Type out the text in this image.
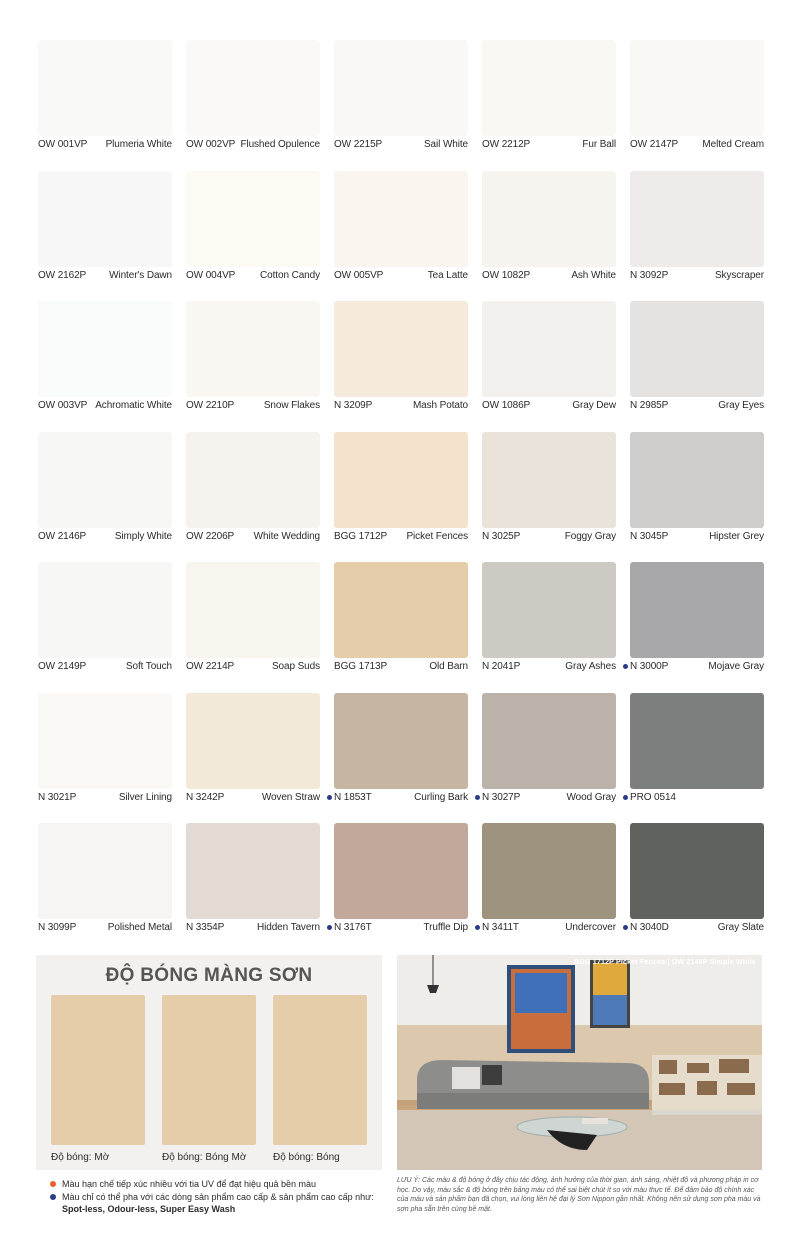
OW 001VP Plumeria White OW 002VP Flushed Opulence OW 2215P	Sail White OW 2212P	Fur Ball OW 2147P Melted Cream
OW 2162P Winter's Dawn OW 004VP Cotton Candy OW 005VP	Tea Latte OW 1082P	Ash White N 3092P	Skyscraper
OW 003VP Achromatic White OW 2210P	Snow Flakes N 3209P	Mash Potato OW 1086P	Gray Dew N 2985P	Gray Eyes
OW 2146P	Simply White OW 2206P White Wedding BGG 1712P Picket Fences N 3025P	Foggy Gray N 3045P	Hipster Grey
OW 2149P	Soft Touch OW 2214P	Soap Suds BGG 1713P	Old Barn N 2041P	Gray Ashes N 3000P	Mojave Gray
N 3021P	Silver Lining N 3242P	Woven Straw N 1853T	Curling Bark N 3027P	Wood Gray PRO 0514
N 3099P	Polished Metal N 3354P	Hidden Tavern N 3176T	Truffle Dip N 3411T	Undercover N 3040D	Gray Slate
ĐỘ BÓNG MÀNG SƠN
Độ bóng: Mờ	Độ bóng: Bóng Mờ	Độ bóng: Bóng
BGG 1712P Picket Fences | OW 2146P Simple White
Màu hạn chế tiếp xúc nhiều với tia UV để đạt hiệu quả bền màu
Màu chỉ có thể pha với các dòng sản phẩm cao cấp & sản phẩm cao cấp như: Spot-less, Odour-less, Super Easy Wash
LƯU Ý: Các màu & độ bóng ở đây chịu tác động, ảnh hưởng của thời gian, ánh sáng, nhiệt độ và phương pháp in cơ học. Do vậy, màu sắc & độ bóng trên bảng màu có thể sai biệt chút ít so với màu thực tế. Để đảm bảo độ chính xác của màu và sản phẩm bạn đã chọn, vui lòng liên hệ đại lý Sơn Nippon gần nhất. Không nên sử dụng sơn pha màu và sơn pha sẵn trên cùng bề mặt.
